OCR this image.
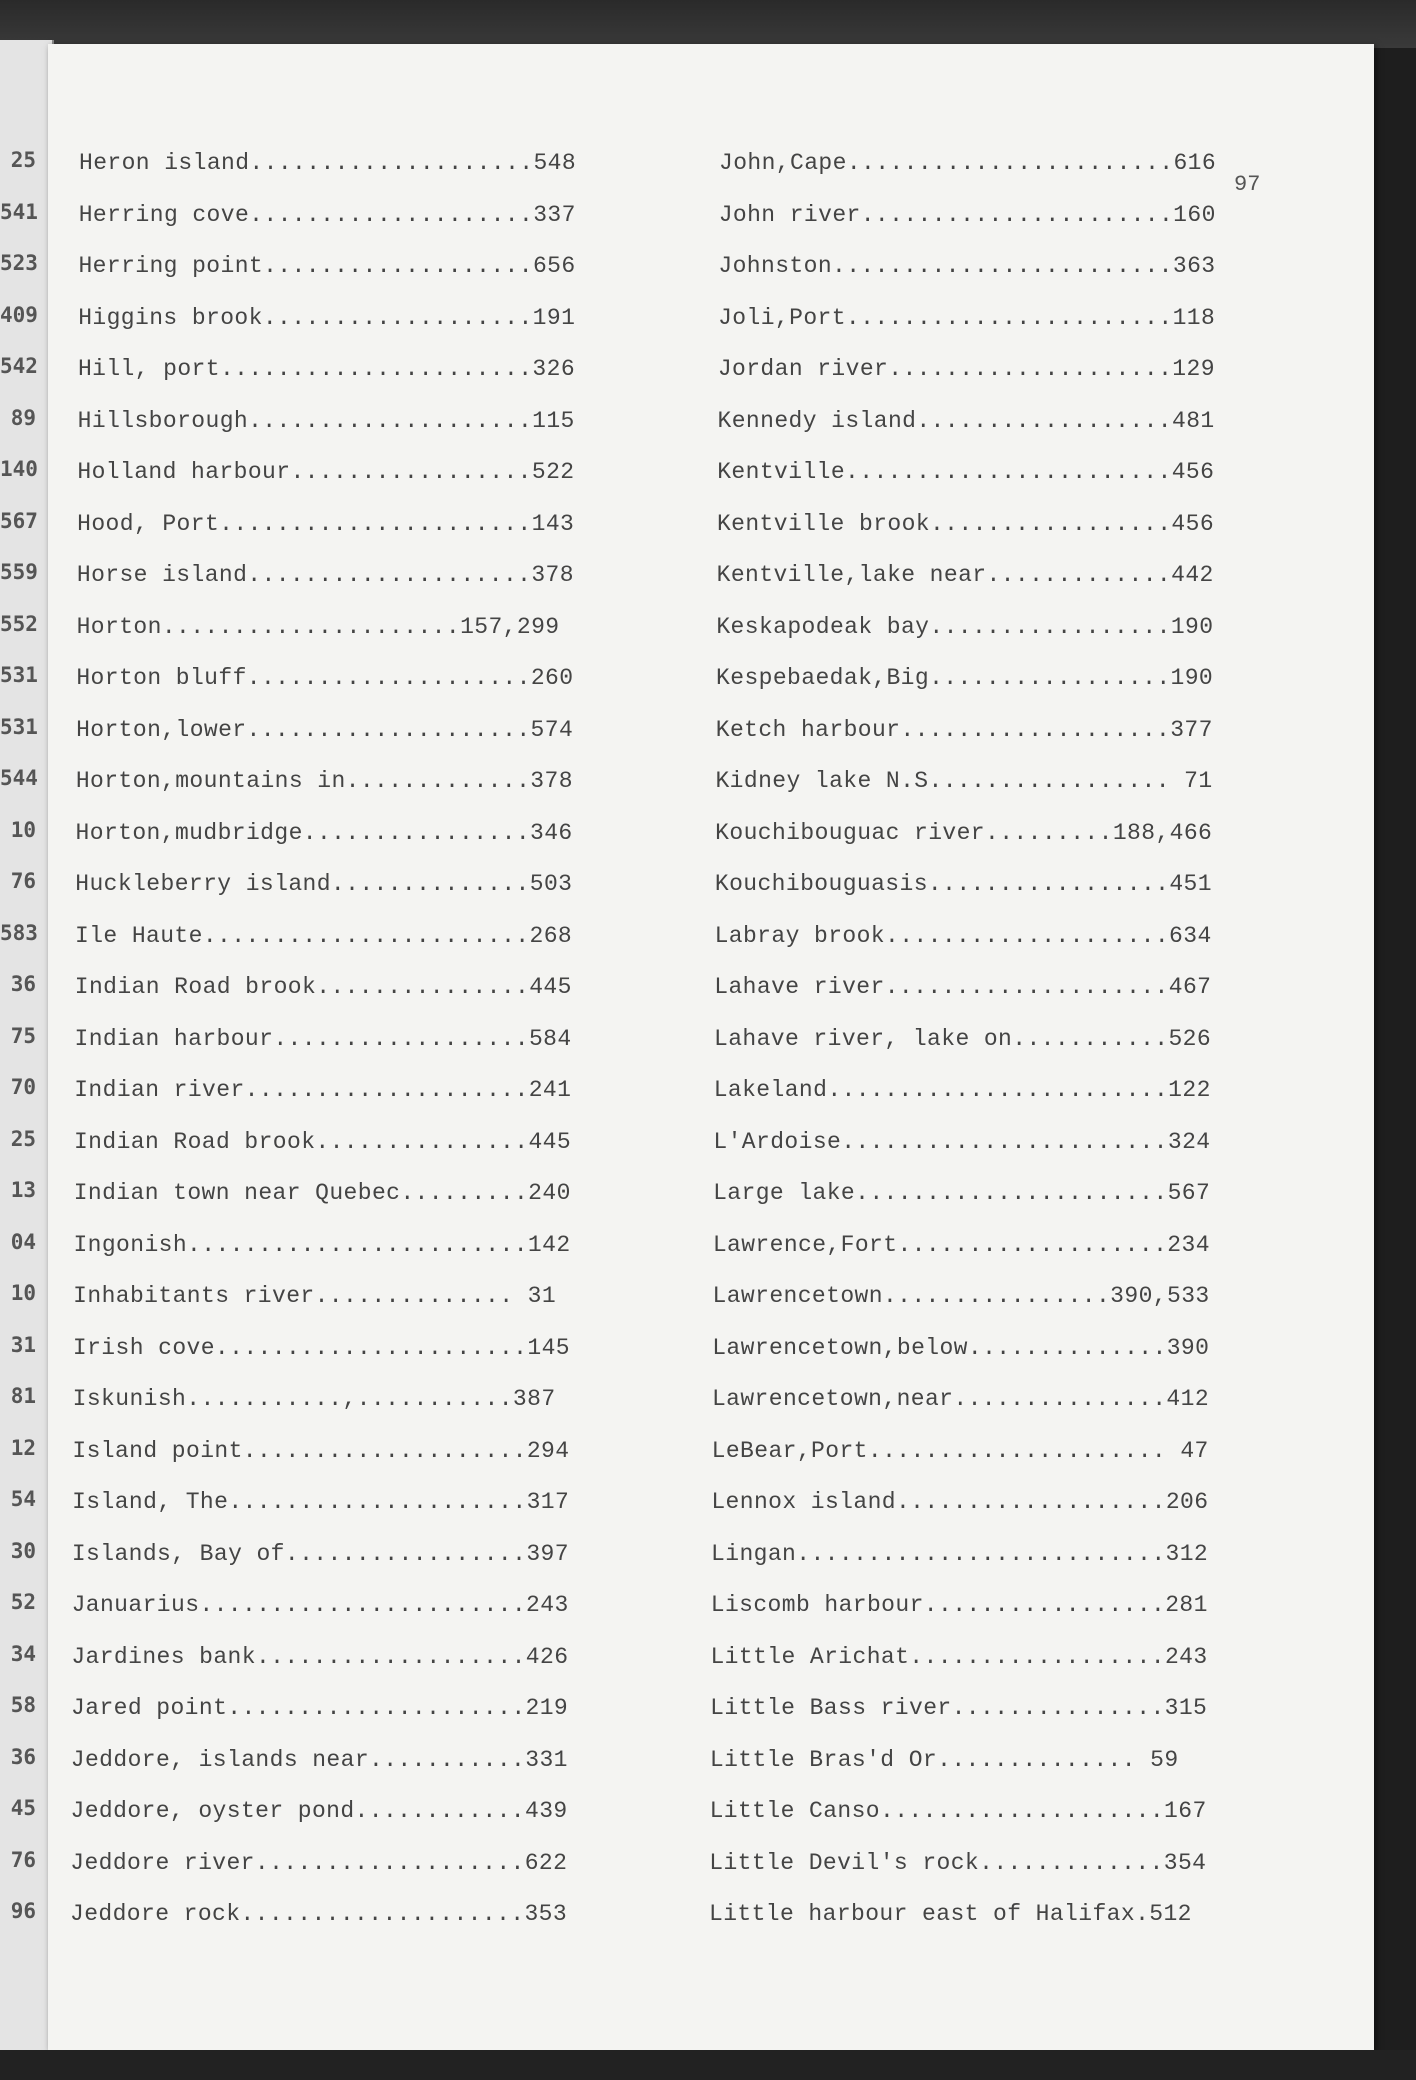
25
541
523
409
542
89
140
567
559
552
531
531
544
10
76
583
36
75
70
25
13
04
10
31
81
12
54
30
52
34
58
36
45
76
96
97
Heron island....................548
Herring cove....................337
Herring point...................656
Higgins brook...................191
Hill, port......................326
Hillsborough....................115
Holland harbour.................522
Hood, Port......................143
Horse island....................378
Horton.....................157,299
Horton bluff....................260
Horton,lower....................574
Horton,mountains in.............378
Horton,mudbridge................346
Huckleberry island..............503
Ile Haute.......................268
Indian Road brook...............445
Indian harbour..................584
Indian river....................241
Indian Road brook...............445
Indian town near Quebec.........240
Ingonish........................142
Inhabitants river.............. 31
Irish cove......................145
Iskunish...........,...........387
Island point....................294
Island, The.....................317
Islands, Bay of.................397
Januarius.......................243
Jardines bank...................426
Jared point.....................219
Jeddore, islands near...........331
Jeddore, oyster pond............439
Jeddore river...................622
Jeddore rock....................353
John,Cape.......................616
John river......................160
Johnston........................363
Joli,Port.......................118
Jordan river....................129
Kennedy island..................481
Kentville.......................456
Kentville brook.................456
Kentville,lake near.............442
Keskapodeak bay.................190
Kespebaedak,Big.................190
Ketch harbour...................377
Kidney lake N.S................. 71
Kouchibouguac river.........188,466
Kouchibouguasis.................451
Labray brook....................634
Lahave river....................467
Lahave river, lake on...........526
Lakeland........................122
L'Ardoise.......................324
Large lake......................567
Lawrence,Fort...................234
Lawrencetown................390,533
Lawrencetown,below..............390
Lawrencetown,near...............412
LeBear,Port..................... 47
Lennox island...................206
Lingan..........................312
Liscomb harbour.................281
Little Arichat..................243
Little Bass river...............315
Little Bras'd Or.............. 59
Little Canso....................167
Little Devil's rock.............354
Little harbour east of Halifax.512
